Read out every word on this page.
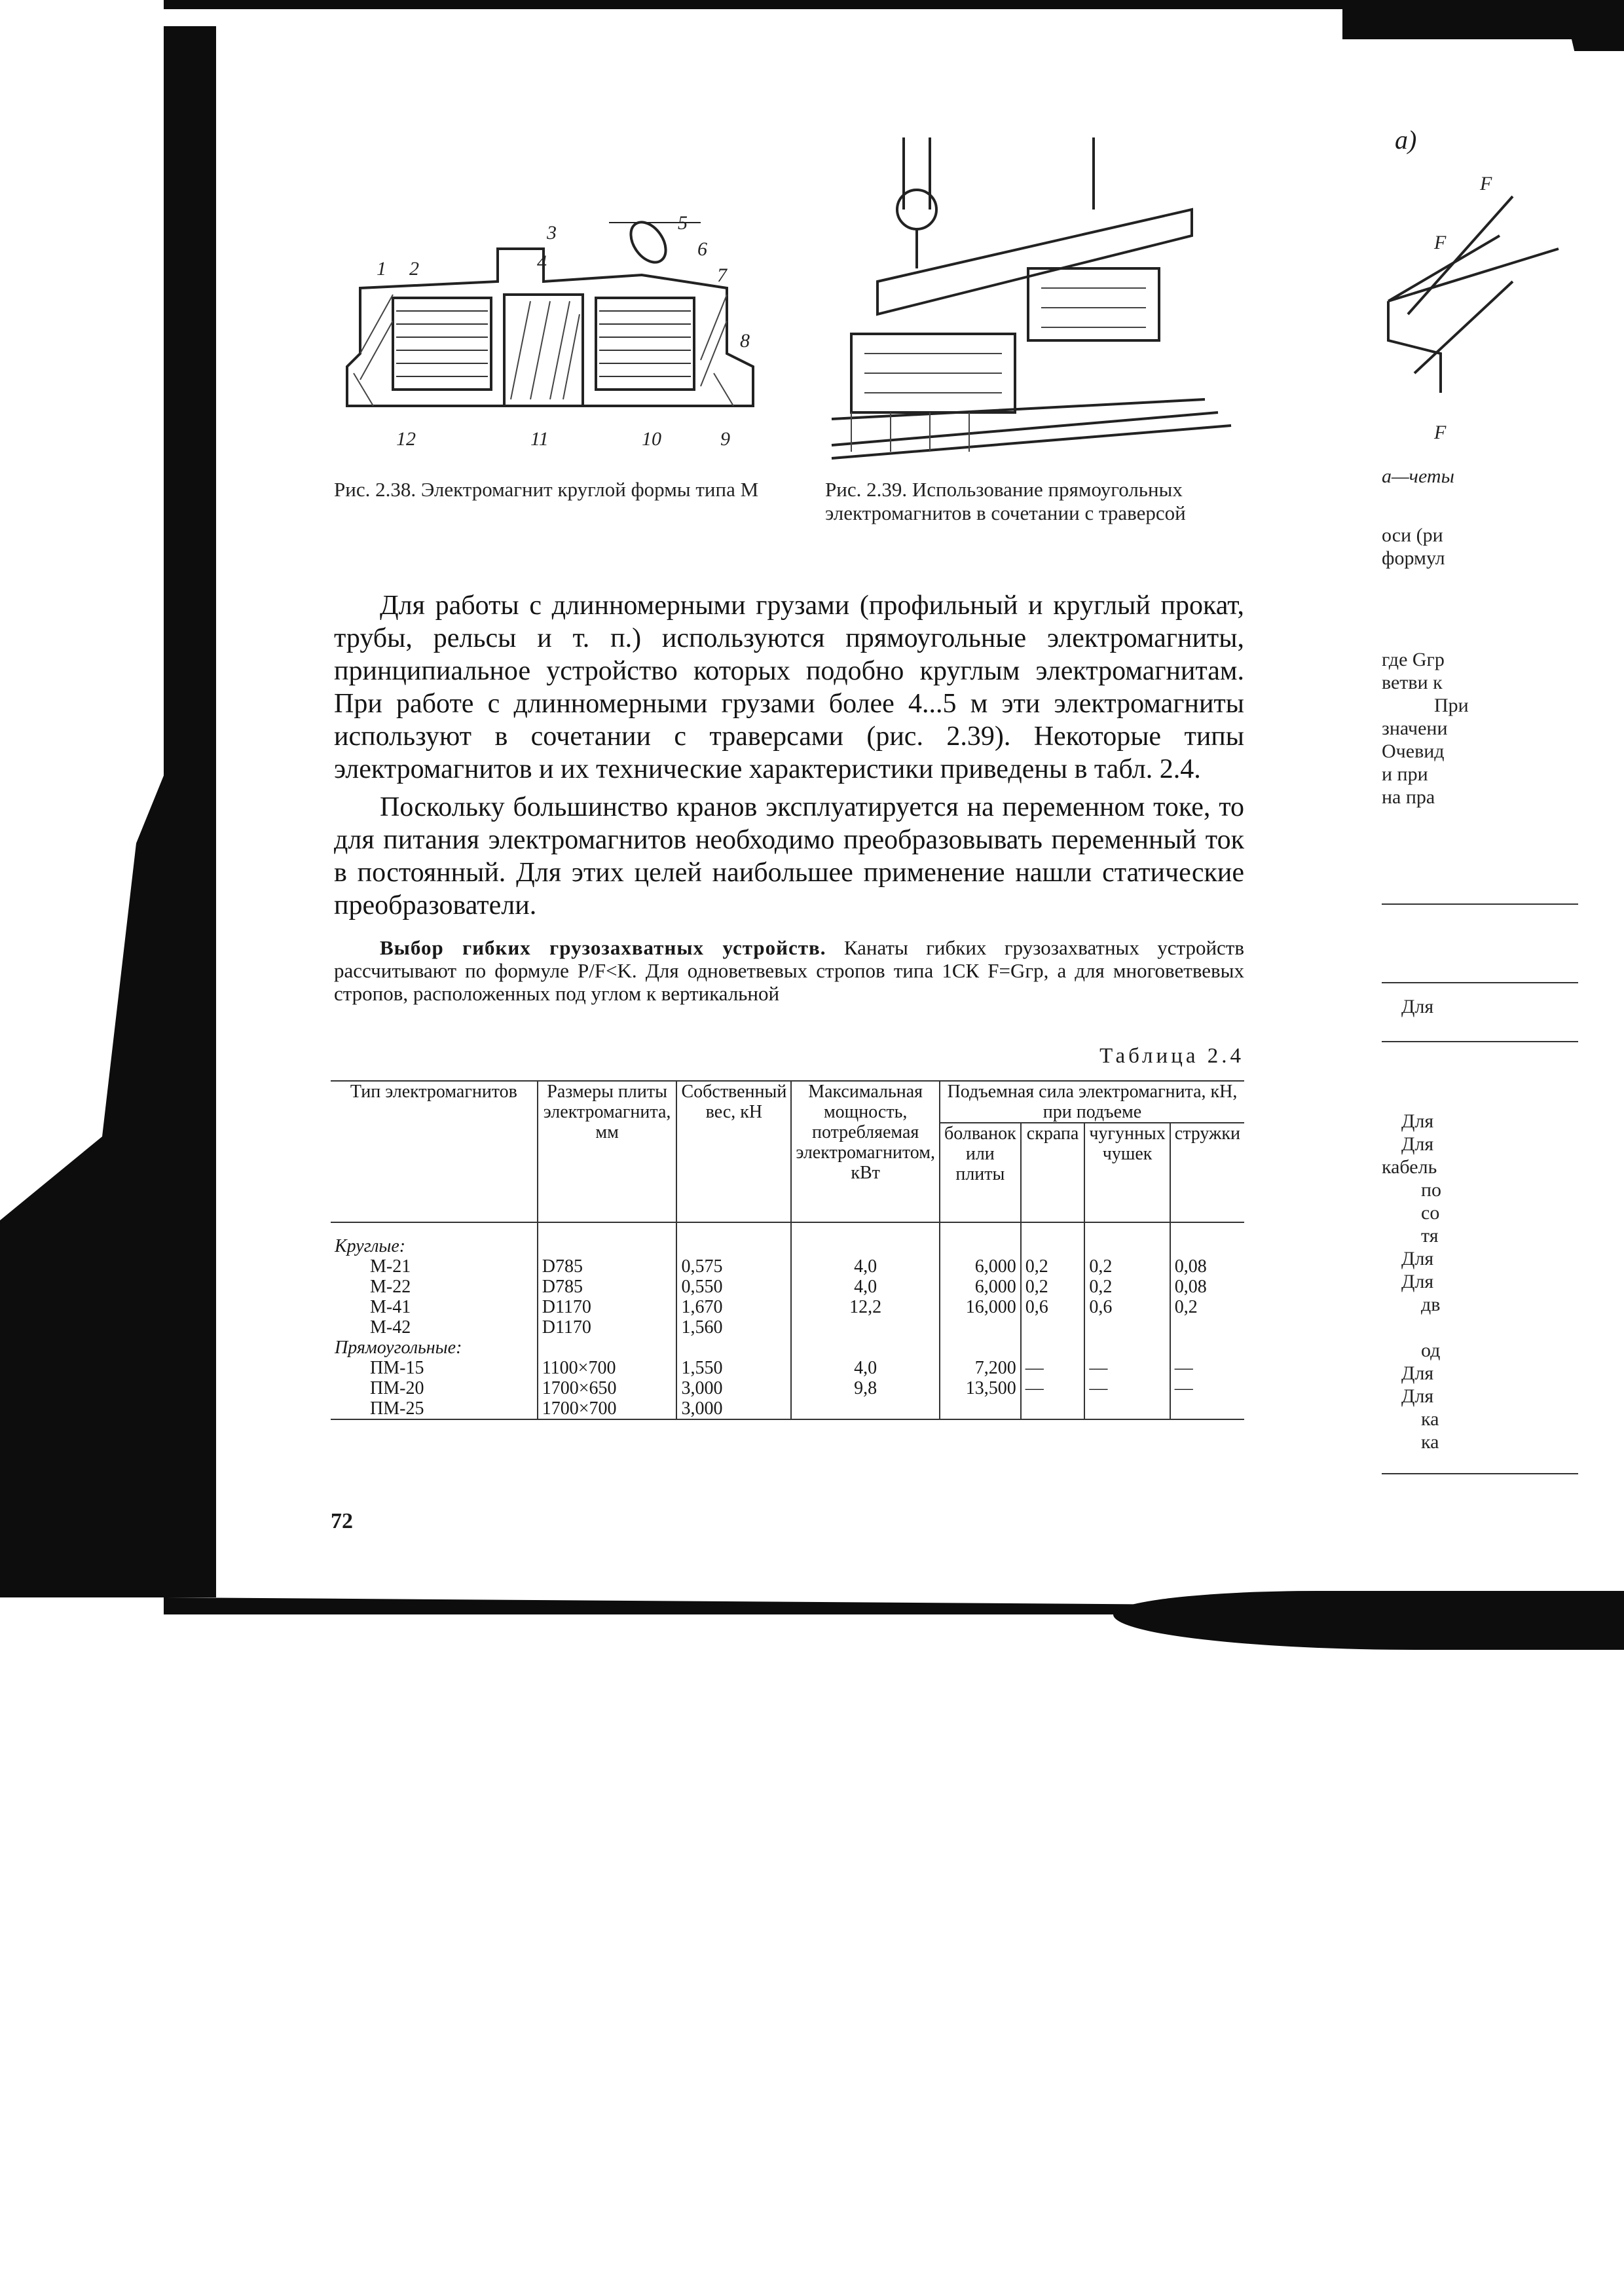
1 2
3
4
5
6
7
8
9
10
11
12
Рис. 2.38. Электромагнит круглой формы типа М	Рис. 2.39. Использование прямоугольных электромагнитов в сочетании с траверсой

Для работы с длинномерными грузами (профильный и круглый прокат, трубы, рельсы и т. п.) используются прямоугольные электромагниты, принципиальное устройство которых подобно круглым электромагнитам. При работе с длинномерными грузами более 4...5 м эти электромагниты используют в сочетании с траверсами (рис. 2.39). Некоторые типы электромагнитов и их технические характеристики приведены в табл. 2.4.

Поскольку большинство кранов эксплуатируется на переменном токе, то для питания электромагнитов необходимо преобразовывать переменный ток в постоянный. Для этих целей наибольшее применение нашли статические преобразователи.

Выбор гибких грузозахватных устройств. Канаты гибких грузозахватных устройств рассчитывают по формуле P/F<K. Для одноветвевых стропов типа 1СК F=Gгр, а для многоветвевых стропов, расположенных под углом к вертикальной
Таблица 2.4
Тип электромагнитов	Размеры плиты электромагнита, мм	Собственный вес, кН	Максимальная мощность, потребляемая электромагнитом, кВт	Подъемная сила электромагнита, кН, при подъеме			
				болванок или плиты	скрапа	чугунных чушек	стружки
Круглые:							
М-21	D785	0,575	4,0	6,000	0,2	0,2	0,08
М-22	D785	0,550	4,0	6,000	0,2	0,2	0,08
М-41	D1170	1,670	12,2	16,000	0,6	0,6	0,2
М-42	D1170	1,560					
Прямоугольные:							
ПМ-15	1100×700	1,550	4,0	7,200	—	—	—
ПМ-20	1700×650	3,000	9,8	13,500	—	—	—
ПМ-25	1700×700	3,000					
72
a)
F
F
F
а—четы
оси (ри
формул
где Gгр
ветви к
При
значени
Очевид
и при
на пра
Для
Для
Для
кабель
по
со
тя
Для
Для
дв
од
Для
Для
ка
ка
